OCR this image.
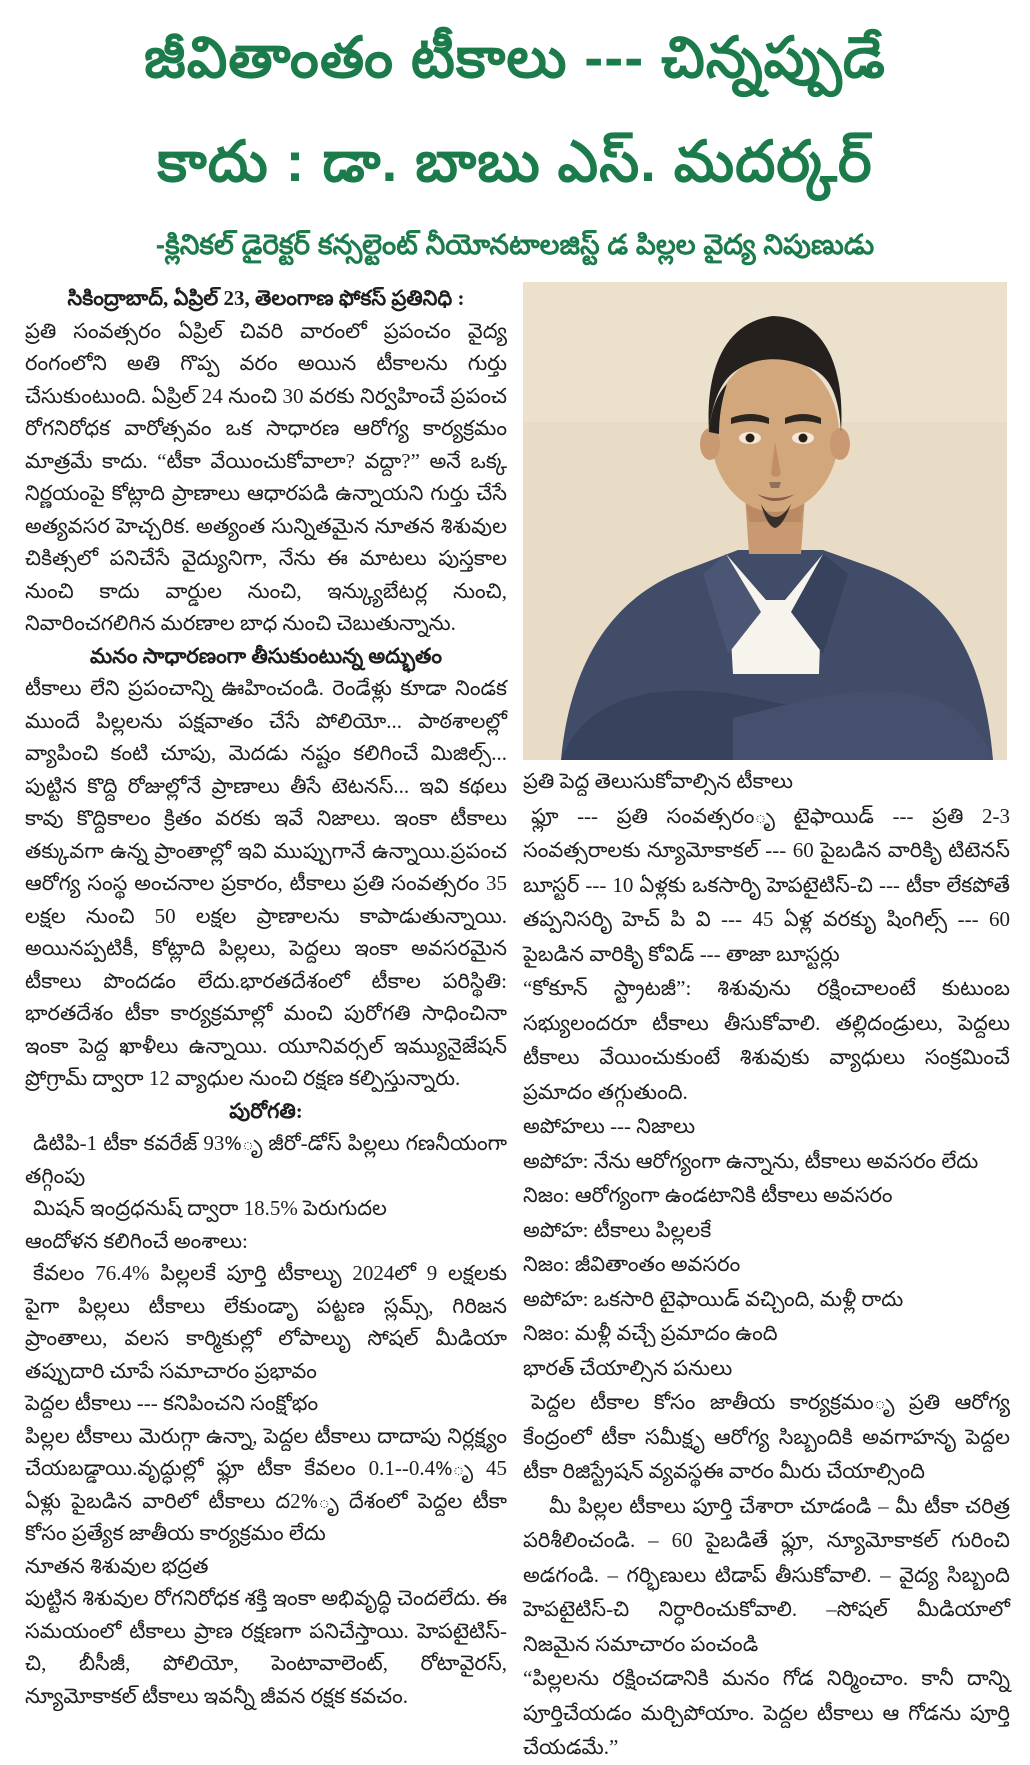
జీవితాంతం టీకాలు --- చిన్నప్పుడే
కాదు : డా. బాబు ఎస్. మదర్కర్
-క్లినికల్ డైరెక్టర్ కన్సల్టెంట్ నీయోనటాలజిస్ట్ డ పిల్లల వైద్య నిపుణుడు

సికింద్రాబాద్, ఏప్రిల్ 23, తెలంగాణ ఫోకస్ ప్రతినిధి :

ప్రతి సంవత్సరం ఏప్రిల్ చివరి వారంలో ప్రపంచం వైద్య రంగంలోని అతి గొప్ప వరం అయిన టీకాలను గుర్తు చేసుకుంటుంది. ఏప్రిల్ 24 నుంచి 30 వరకు నిర్వహించే ప్రపంచ రోగనిరోధక వారోత్సవం ఒక సాధారణ ఆరోగ్య కార్యక్రమం మాత్రమే కాదు. “టీకా వేయించుకోవాలా? వద్దా?” అనే ఒక్క నిర్ణయంపై కోట్లాది ప్రాణాలు ఆధారపడి ఉన్నాయని గుర్తు చేసే అత్యవసర హెచ్చరిక. అత్యంత సున్నితమైన నూతన శిశువుల చికిత్సలో పనిచేసే వైద్యునిగా, నేను ఈ మాటలు పుస్తకాల నుంచి కాదు వార్డుల నుంచి, ఇన్క్యుబేటర్ల నుంచి, నివారించగలిగిన మరణాల బాధ నుంచి చెబుతున్నాను.

మనం సాధారణంగా తీసుకుంటున్న అద్భుతం

టీకాలు లేని ప్రపంచాన్ని ఊహించండి. రెండేళ్లు కూడా నిండక ముందే పిల్లలను పక్షవాతం చేసే పోలియో... పాఠశాలల్లో వ్యాపించి కంటి చూపు, మెదడు నష్టం కలిగించే మిజిల్స్... పుట్టిన కొద్ది రోజుల్లోనే ప్రాణాలు తీసే టెటనస్... ఇవి కథలు కావు కొద్దికాలం క్రితం వరకు ఇవే నిజాలు. ఇంకా టీకాలు తక్కువగా ఉన్న ప్రాంతాల్లో ఇవి ముప్పుగానే ఉన్నాయి.ప్రపంచ ఆరోగ్య సంస్థ అంచనాల ప్రకారం, టీకాలు ప్రతి సంవత్సరం 35 లక్షల నుంచి 50 లక్షల ప్రాణాలను కాపాడుతున్నాయి. అయినప్పటికీ, కోట్లాది పిల్లలు, పెద్దలు ఇంకా అవసరమైన టీకాలు పొందడం లేదు.భారతదేశంలో టీకాల పరిస్థితి: భారతదేశం టీకా కార్యక్రమాల్లో మంచి పురోగతి సాధించినా ఇంకా పెద్ద ఖాళీలు ఉన్నాయి. యూనివర్సల్ ఇమ్యునైజేషన్ ప్రోగ్రామ్ ద్వారా 12 వ్యాధుల నుంచి రక్షణ కల్పిస్తున్నారు.

పురోగతి:

డిటిపి-1 టీకా కవరేజ్ 93%ృ జీరో-డోస్ పిల్లలు గణనీయంగా తగ్గింపు

మిషన్ ఇంద్రధనుష్ ద్వారా 18.5% పెరుగుదల

ఆందోళన కలిగించే అంశాలు:

కేవలం 76.4% పిల్లలకే పూర్తి టీకాలుృ 2024లో 9 లక్షలకు పైగా పిల్లలు టీకాలు లేకుండాృ పట్టణ స్లమ్స్, గిరిజన ప్రాంతాలు, వలస కార్మికుల్లో లోపాలుృ సోషల్ మీడియా తప్పుదారి చూపే సమాచారం ప్రభావం

పెద్దల టీకాలు --- కనిపించని సంక్షోభం

పిల్లల టీకాలు మెరుగ్గా ఉన్నా, పెద్దల టీకాలు దాదాపు నిర్లక్ష్యం చేయబడ్డాయి.వృద్ధుల్లో ఫ్లూ టీకా కేవలం 0.1--0.4%ృ 45 ఏళ్లు పైబడిన వారిలో టీకాలు ద2%ృ దేశంలో పెద్దల టీకా కోసం ప్రత్యేక జాతీయ కార్యక్రమం లేదు

నూతన శిశువుల భద్రత

పుట్టిన శిశువుల రోగనిరోధక శక్తి ఇంకా అభివృద్ధి చెందలేదు. ఈ సమయంలో టీకాలు ప్రాణ రక్షణగా పనిచేస్తాయి. హెపటైటిస్-చి, బీసీజీ, పోలియో, పెంటావాలెంట్, రోటావైరస్, న్యూమోకాకల్ టీకాలు ఇవన్నీ జీవన రక్షక కవచం.

ప్రతి పెద్ద తెలుసుకోవాల్సిన టీకాలు

ఫ్లూ --- ప్రతి సంవత్సరంృ టైఫాయిడ్ --- ప్రతి 2-3 సంవత్సరాలకు న్యూమోకాకల్ --- 60 పైబడిన వారికిృ టిటెనస్ బూస్టర్ --- 10 ఏళ్లకు ఒకసారిృ హెపటైటిస్-చి --- టీకా లేకపోతే తప్పనిసరిృ హెచ్ పి వి --- 45 ఏళ్ల వరకుృ షింగిల్స్ --- 60 పైబడిన వారికిృ కోవిడ్ --- తాజా బూస్టర్లు

“కోకూన్ స్ట్రాటజీ”: శిశువును రక్షించాలంటే కుటుంబ సభ్యులందరూ టీకాలు తీసుకోవాలి. తల్లిదండ్రులు, పెద్దలు టీకాలు వేయించుకుంటే శిశువుకు వ్యాధులు సంక్రమించే ప్రమాదం తగ్గుతుంది.

అపోహలు --- నిజాలు

అపోహ: నేను ఆరోగ్యంగా ఉన్నాను, టీకాలు అవసరం లేదు

నిజం: ఆరోగ్యంగా ఉండటానికి టీకాలు అవసరం

అపోహ: టీకాలు పిల్లలకే

నిజం: జీవితాంతం అవసరం

అపోహ: ఒకసారి టైఫాయిడ్ వచ్చింది, మళ్లీ రాదు

నిజం: మళ్లీ వచ్చే ప్రమాదం ఉంది

భారత్ చేయాల్సిన పనులు

పెద్దల టీకాల కోసం జాతీయ కార్యక్రమంృ ప్రతి ఆరోగ్య కేంద్రంలో టీకా సమీక్షృ ఆరోగ్య సిబ్బందికి అవగాహనృ పెద్దల టీకా రిజిస్ట్రేషన్ వ్యవస్థఈ వారం మీరు చేయాల్సింది

మీ పిల్లల టీకాలు పూర్తి చేశారా చూడండి – మీ టీకా చరిత్ర పరిశీలించండి. – 60 పైబడితే ఫ్లూ, న్యూమోకాకల్ గురించి అడగండి. – గర్భిణులు టిడాప్ తీసుకోవాలి. – వైద్య సిబ్బంది హెపటైటిస్-చి నిర్ధారించుకోవాలి. –సోషల్ మీడియాలో నిజమైన సమాచారం పంచండి

“పిల్లలను రక్షించడానికి మనం గోడ నిర్మించాం. కానీ దాన్ని పూర్తిచేయడం మర్చిపోయాం. పెద్దల టీకాలు ఆ గోడను పూర్తి చేయడమే.”
